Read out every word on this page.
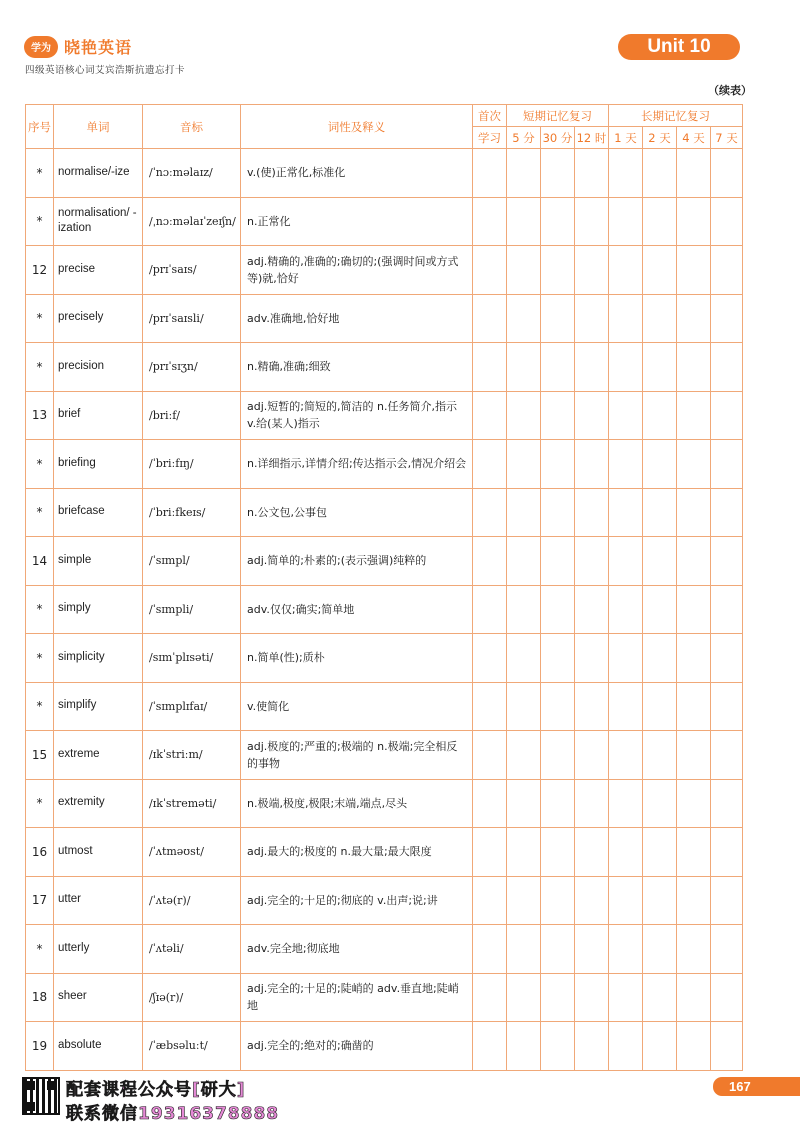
学为 晓艳英语
四级英语核心词艾宾浩斯抗遗忘打卡
Unit 10
（续表）
序号	单词	音标	词性及释义	首次	短期记忆复习			长期记忆复习			
				学习	5 分	30 分	12 时	1 天	2 天	4 天	7 天
*	normalise/-ize	/ˈnɔːməlaɪz/	v.(使)正常化,标准化								
*	normalisation/ -ization	/ˌnɔːməlaɪˈzeɪʃn/	n.正常化								
12	precise	/prɪˈsaɪs/	adj.精确的,准确的;确切的;(强调时间或方式等)就,恰好								
*	precisely	/prɪˈsaɪsli/	adv.准确地,恰好地								
*	precision	/prɪˈsɪʒn/	n.精确,准确;细致								
13	brief	/briːf/	adj.短暂的;简短的,简洁的 n.任务简介,指示 v.给(某人)指示								
*	briefing	/ˈbriːfɪŋ/	n.详细指示,详情介绍;传达指示会,情况介绍会								
*	briefcase	/ˈbriːfkeɪs/	n.公文包,公事包								
14	simple	/ˈsɪmpl/	adj.简单的;朴素的;(表示强调)纯粹的								
*	simply	/ˈsɪmpli/	adv.仅仅;确实;简单地								
*	simplicity	/sɪmˈplɪsəti/	n.简单(性);质朴								
*	simplify	/ˈsɪmplɪfaɪ/	v.使简化								
15	extreme	/ɪkˈstriːm/	adj.极度的;严重的;极端的 n.极端;完全相反的事物								
*	extremity	/ɪkˈstreməti/	n.极端,极度,极限;末端,端点,尽头								
16	utmost	/ˈʌtməʊst/	adj.最大的;极度的 n.最大量;最大限度								
17	utter	/ˈʌtə(r)/	adj.完全的;十足的;彻底的 v.出声;说;讲								
*	utterly	/ˈʌtəli/	adv.完全地;彻底地								
18	sheer	/ʃɪə(r)/	adj.完全的;十足的;陡峭的 adv.垂直地;陡峭地								
19	absolute	/ˈæbsəluːt/	adj.完全的;绝对的;确凿的								
配套课程公众号[研大]
联系微信19316378888
167
